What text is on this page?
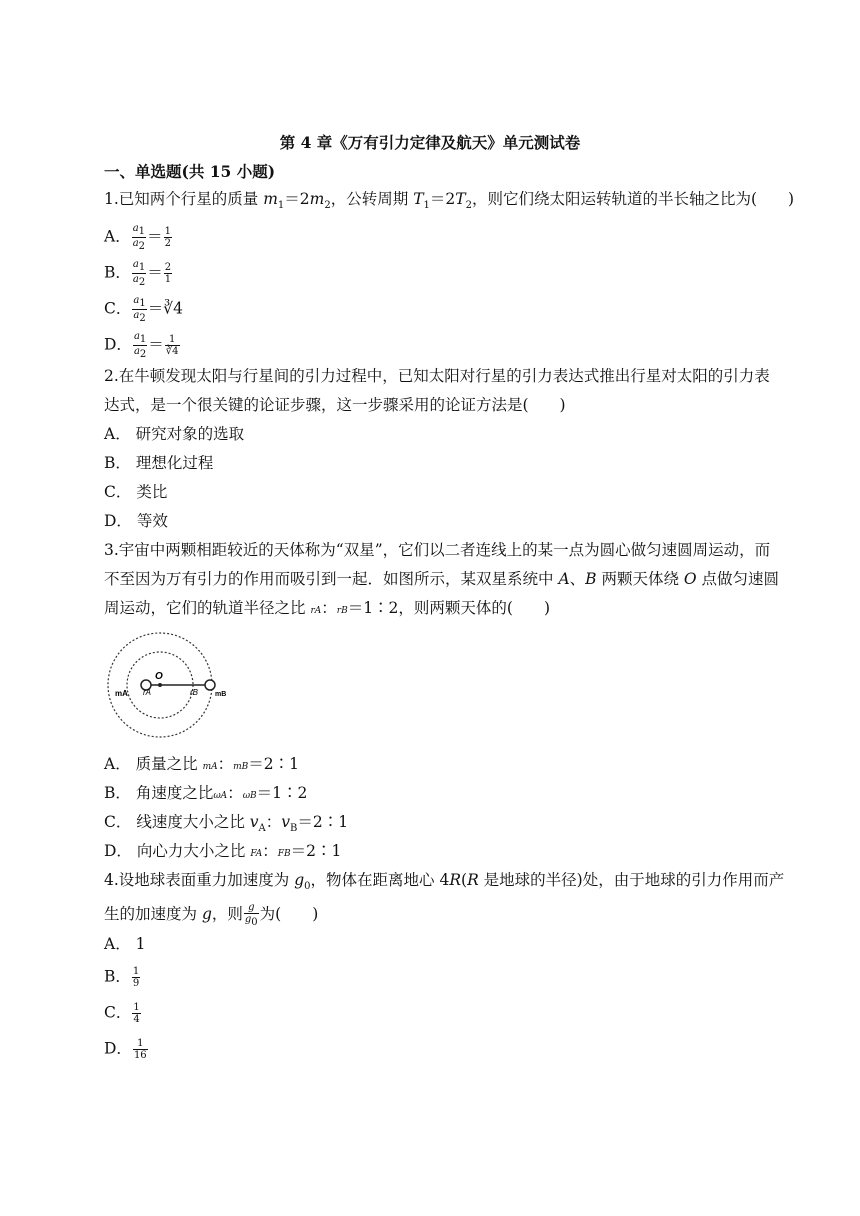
第 4 章《万有引力定律及航天》单元测试卷
一、单选题(共 15 小题)
1.已知两个行星的质量 $m_1=2m_2$，公转周期 $T_1=2T_2$，则它们绕太阳运转轨道的半长轴之比为(　　)
A． $\frac{a_1}{a_2} = \frac{1}{2}$
B． $\frac{a_1}{a_2} = \frac{2}{1}$
C． $\frac{a_1}{a_2}$ ＝∛4
D． $\frac{a_1}{a_2} = \frac{1}{∛4}$
2.在牛顿发现太阳与行星间的引力过程中，已知太阳对行星的引力表达式推出行星对太阳的引力表
达式，是一个很关键的论证步骤，这一步骤采用的论证方法是(　　)
A． 研究对象的选取
B． 理想化过程
C． 类比
D． 等效
3.宇宙中两颗相距较近的天体称为“双星”，它们以二者连线上的某一点为圆心做匀速圆周运动，而
不至因为万有引力的作用而吸引到一起．如图所示，某双星系统中 A、B 两颗天体绕 O 点做匀速圆
周运动，它们的轨道半径之比 rA：rB＝1∶2，则两颗天体的(　　)
O
mA rA	rB mB
A． 质量之比 mA：mB＝2∶1
B． 角速度之比ωA：ωB＝1∶2
C． 线速度大小之比 $v_A$：$v_B=2∶1$
D． 向心力大小之比 FA：FB＝2∶1
4.设地球表面重力加速度为 $g_0$，物体在距离地心 4R(R 是地球的半径)处，由于地球的引力作用而产
生的加速度为 g，则 $\frac{g}{g_0}$ 为(　　)
A． 1
B． $\frac{1}{9}$
C． $\frac{1}{4}$
D． $\frac{1}{16}$
